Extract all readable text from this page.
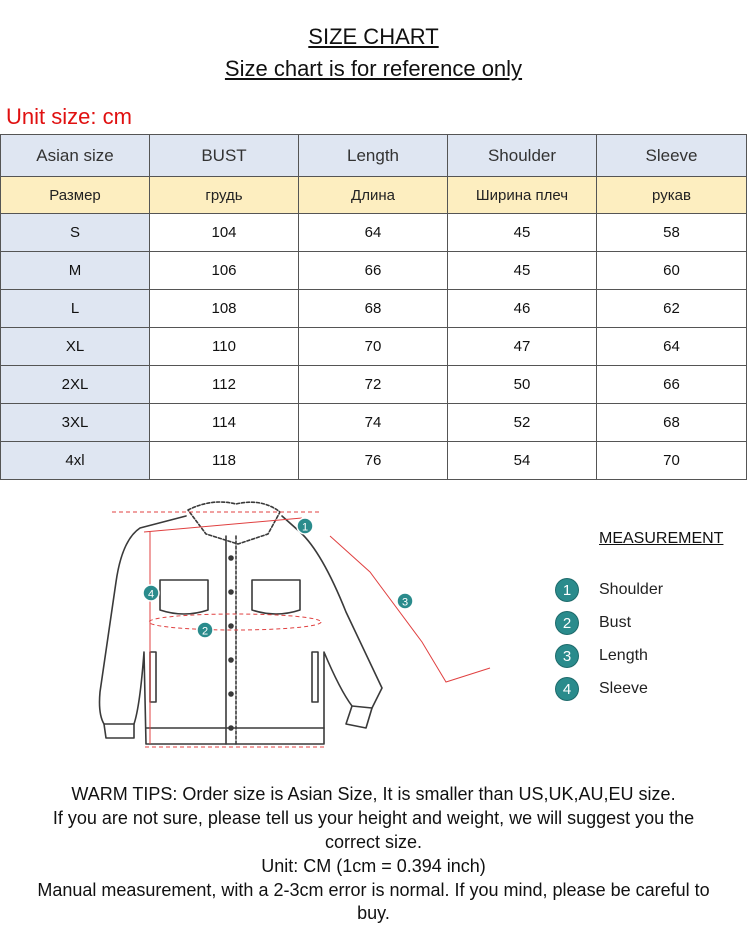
SIZE CHART
Size chart is for reference only
Unit size: cm
Asian size	BUST	Length	Shoulder	Sleeve
Размер	грудь	Длина	Ширина плеч	рукав
S	104	64	45	58
M	106	66	45	60
L	108	68	46	62
XL	110	70	47	64
2XL	112	72	50	66
3XL	114	74	52	68
4xl	118	76	54	70
1
2
3
4
MEASUREMENT
1	Shoulder
2	Bust
3	Length
4	Sleeve
WARM TIPS: Order size is Asian Size, It is smaller than US,UK,AU,EU size.
If you are not sure, please tell us your height and weight, we will suggest you the
correct size.
Unit: CM (1cm = 0.394 inch)
Manual measurement, with a 2-3cm error is normal. If you mind, please be careful to
buy.
